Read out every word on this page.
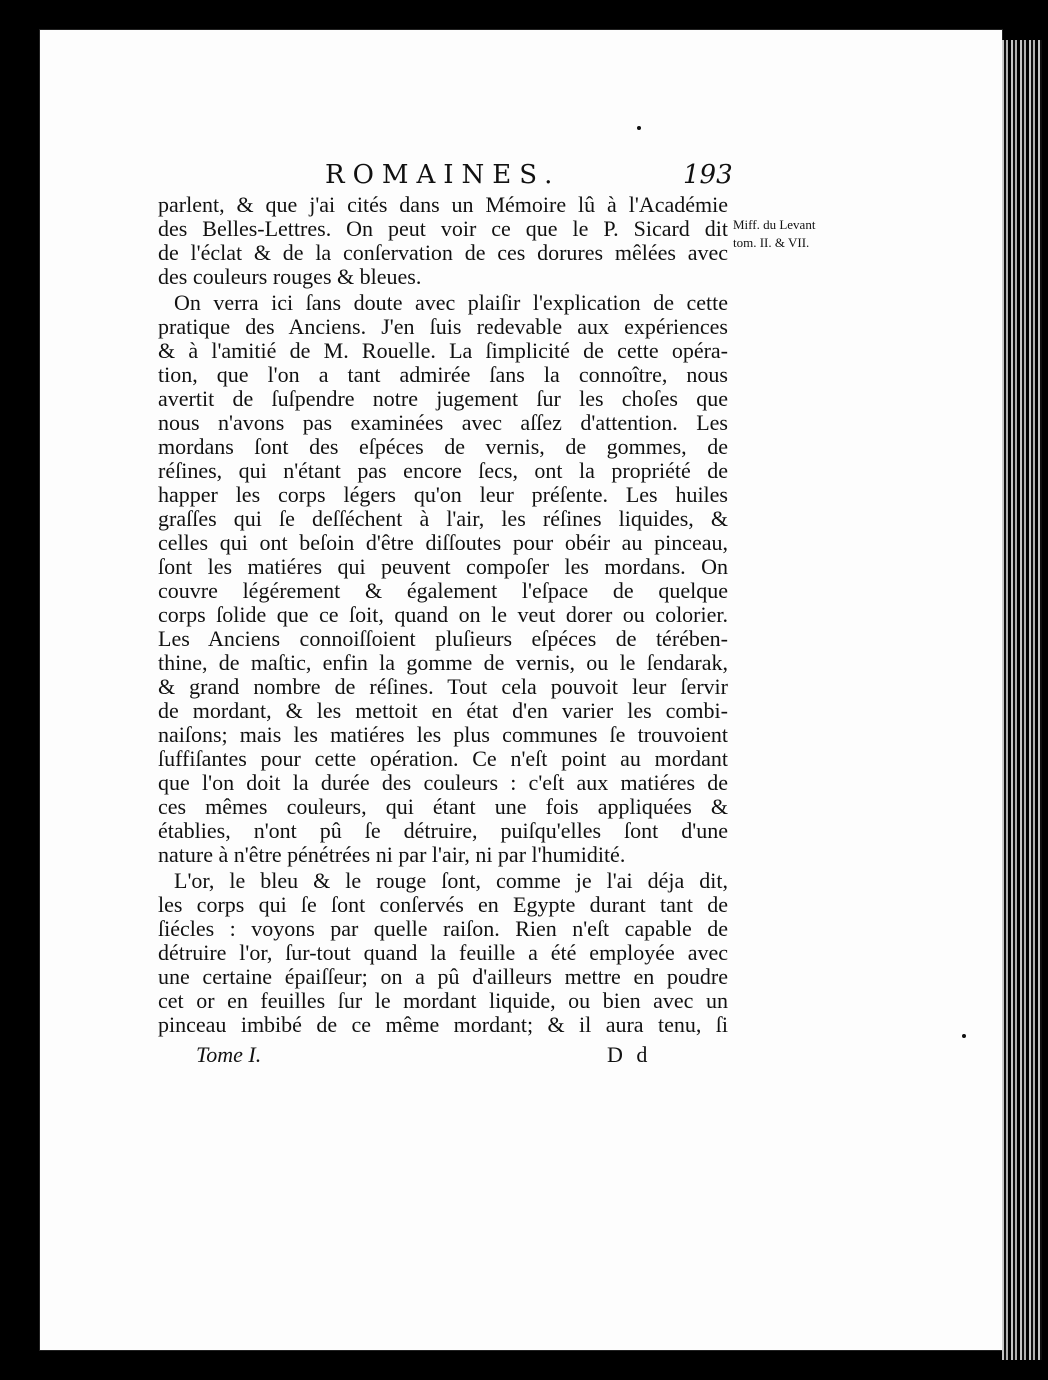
ROMAINES.	193
Miff. du Levant
tom. II. & VII.
parlent, & que j'ai cités dans un Mémoire lû à l'Académie
des Belles-Lettres. On peut voir ce que le P. Sicard dit
de l'éclat & de la conſervation de ces dorures mêlées avec
des couleurs rouges & bleues.
On verra ici ſans doute avec plaiſir l'explication de cette
pratique des Anciens. J'en ſuis redevable aux expériences
& à l'amitié de M. Rouelle. La ſimplicité de cette opéra-
tion, que l'on a tant admirée ſans la connoître, nous
avertit de ſuſpendre notre jugement ſur les choſes que
nous n'avons pas examinées avec aſſez d'attention. Les
mordans ſont des eſpéces de vernis, de gommes, de
réſines, qui n'étant pas encore ſecs, ont la propriété de
happer les corps légers qu'on leur préſente. Les huiles
graſſes qui ſe deſſéchent à l'air, les réſines liquides, &
celles qui ont beſoin d'être diſſoutes pour obéir au pinceau,
ſont les matiéres qui peuvent compoſer les mordans. On
couvre légérement & également l'eſpace de quelque
corps ſolide que ce ſoit, quand on le veut dorer ou colorier.
Les Anciens connoiſſoient pluſieurs eſpéces de térében-
thine, de maſtic, enfin la gomme de vernis, ou le ſendarak,
& grand nombre de réſines. Tout cela pouvoit leur ſervir
de mordant, & les mettoit en état d'en varier les combi-
naiſons; mais les matiéres les plus communes ſe trouvoient
ſuffiſantes pour cette opération. Ce n'eſt point au mordant
que l'on doit la durée des couleurs : c'eſt aux matiéres de
ces mêmes couleurs, qui étant une fois appliquées &
établies, n'ont pû ſe détruire, puiſqu'elles ſont d'une
nature à n'être pénétrées ni par l'air, ni par l'humidité.
L'or, le bleu & le rouge ſont, comme je l'ai déja dit,
les corps qui ſe ſont conſervés en Egypte durant tant de
ſiécles : voyons par quelle raiſon. Rien n'eſt capable de
détruire l'or, ſur-tout quand la feuille a été employée avec
une certaine épaiſſeur; on a pû d'ailleurs mettre en poudre
cet or en feuilles ſur le mordant liquide, ou bien avec un
pinceau imbibé de ce même mordant; & il aura tenu, ſi
Tome I.	D d
